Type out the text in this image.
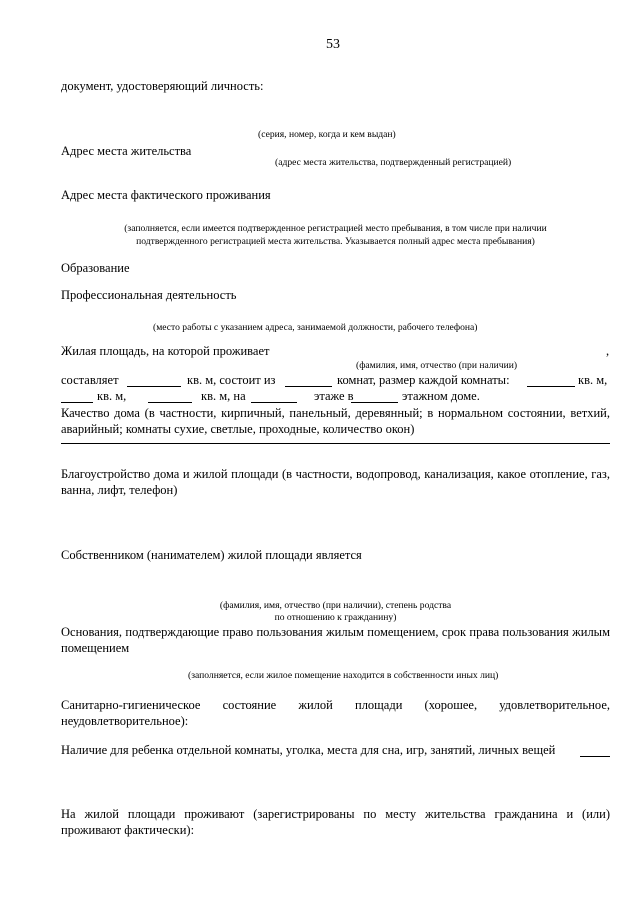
53
документ, удостоверяющий личность:
(серия, номер, когда и кем выдан)
Адрес места жительства
(адрес места жительства, подтвержденный регистрацией)
Адрес места фактического проживания
(заполняется, если имеется подтвержденное регистрацией место пребывания, в том числе при наличии
подтвержденного регистрацией места жительства. Указывается полный адрес места пребывания)
Образование
Профессиональная деятельность
(место работы с указанием адреса, занимаемой должности, рабочего телефона)
Жилая площадь, на которой проживает	,
(фамилия, имя, отчество (при наличии)
составляет	кв. м, состоит из	комнат, размер каждой комнаты:	кв. м,
кв. м,	кв. м, на	этаже в	этажном доме.
Качество дома (в частности, кирпичный, панельный, деревянный; в нормальном состоянии, ветхий, аварийный; комнаты сухие, светлые, проходные, количество окон)
Благоустройство дома и жилой площади (в частности, водопровод, канализация, какое отопление, газ, ванна, лифт, телефон)
Собственником (нанимателем) жилой площади является
(фамилия, имя, отчество (при наличии), степень родства
по отношению к гражданину)
Основания, подтверждающие право пользования жилым помещением, срок права пользования жилым помещением
(заполняется, если жилое помещение находится в собственности иных лиц)
Санитарно-гигиеническое состояние жилой площади (хорошее, удовлетворительное, неудовлетворительное):
Наличие для ребенка отдельной комнаты, уголка, места для сна, игр, занятий, личных вещей
На жилой площади проживают (зарегистрированы по месту жительства гражданина и (или) проживают фактически):
